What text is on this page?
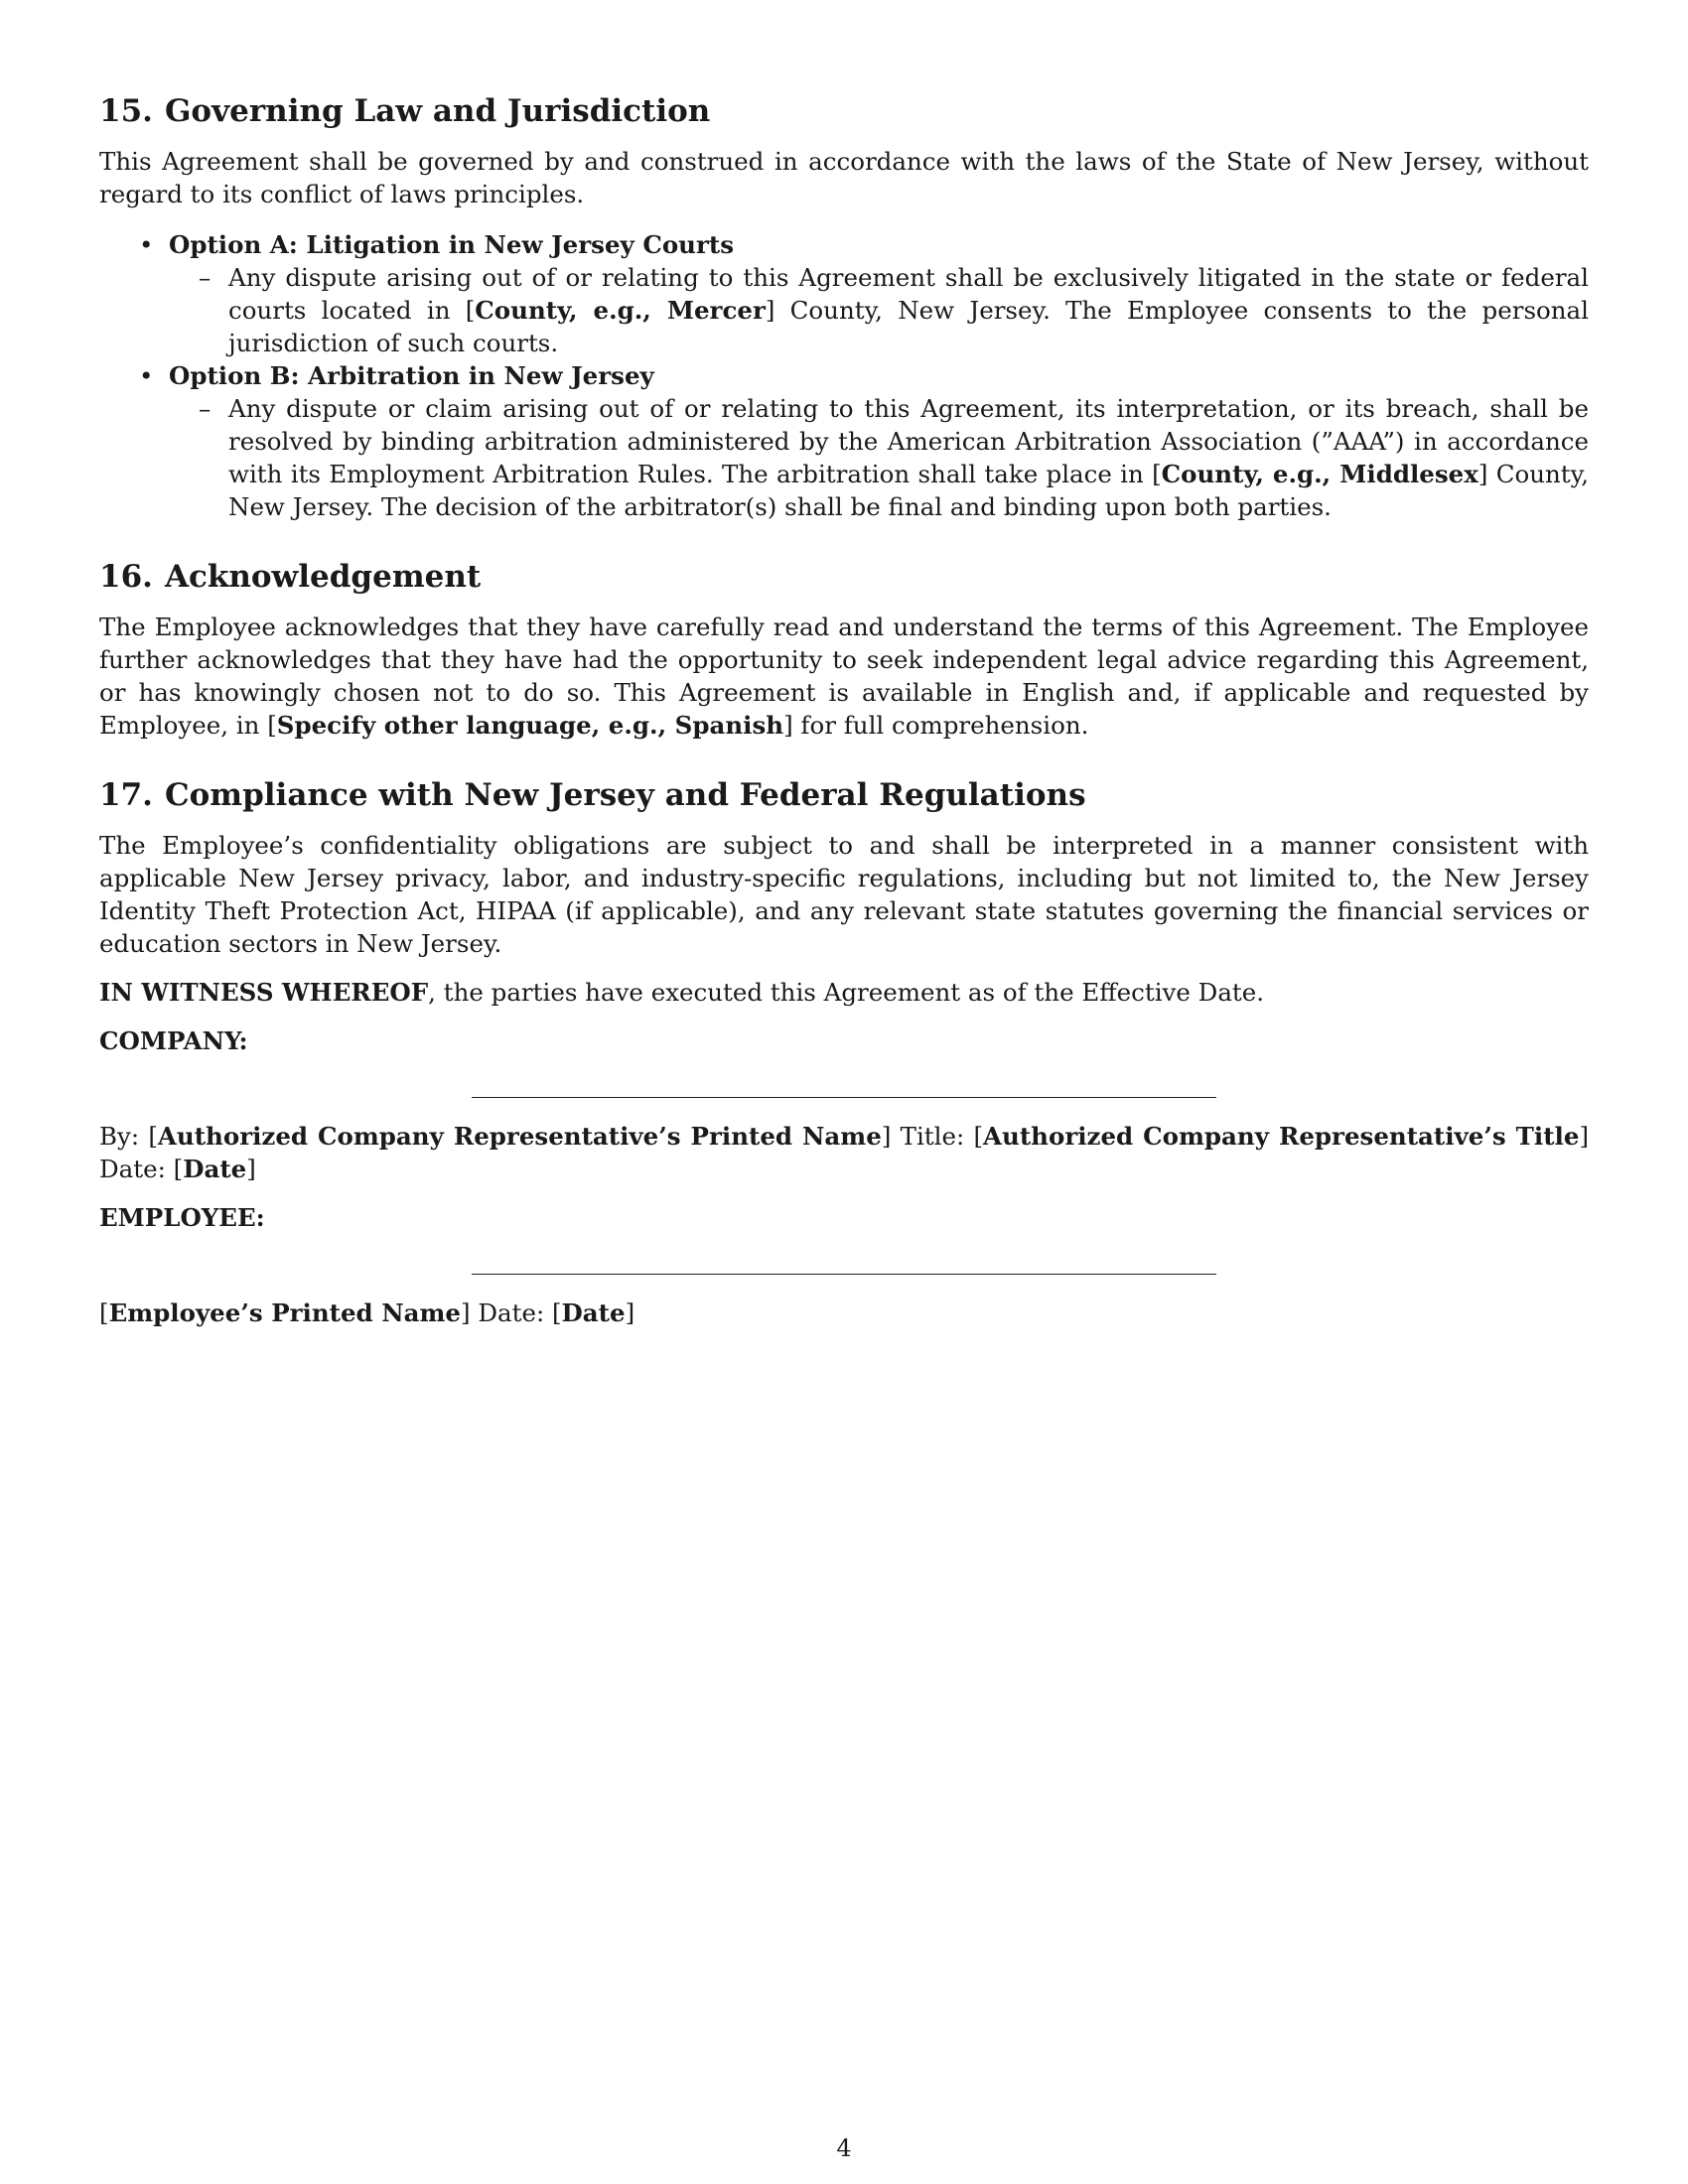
15. Governing Law and Jurisdiction

This Agreement shall be governed by and construed in accordance with the laws of the State of New Jersey, without regard to its conflict of laws principles.

• Option A: Litigation in New Jersey Courts
– Any dispute arising out of or relating to this Agreement shall be exclusively litigated in the state or federal courts located in [County, e.g., Mercer] County, New Jersey. The Employee consents to the personal jurisdiction of such courts.
• Option B: Arbitration in New Jersey
– Any dispute or claim arising out of or relating to this Agreement, its interpretation, or its breach, shall be resolved by binding arbitration administered by the American Arbitration Association (”AAA”) in accordance with its Employment Arbitration Rules. The arbitration shall take place in [County, e.g., Middlesex] County, New Jersey. The decision of the arbitrator(s) shall be final and binding upon both parties.
16. Acknowledgement

The Employee acknowledges that they have carefully read and understand the terms of this Agreement. The Employee further acknowledges that they have had the opportunity to seek independent legal advice regarding this Agreement, or has knowingly chosen not to do so. This Agreement is available in English and, if applicable and requested by Employee, in [Specify other language, e.g., Spanish] for full comprehension.

17. Compliance with New Jersey and Federal Regulations

The Employee’s confidentiality obligations are subject to and shall be interpreted in a manner consistent with applicable New Jersey privacy, labor, and industry-specific regulations, including but not limited to, the New Jersey Identity Theft Protection Act, HIPAA (if applicable), and any relevant state statutes governing the financial services or education sectors in New Jersey.

IN WITNESS WHEREOF, the parties have executed this Agreement as of the Effective Date.

COMPANY:

By: [Authorized Company Representative’s Printed Name] Title: [Authorized Company Representative’s Title] Date: [Date]

EMPLOYEE:

[Employee’s Printed Name] Date: [Date]

4
